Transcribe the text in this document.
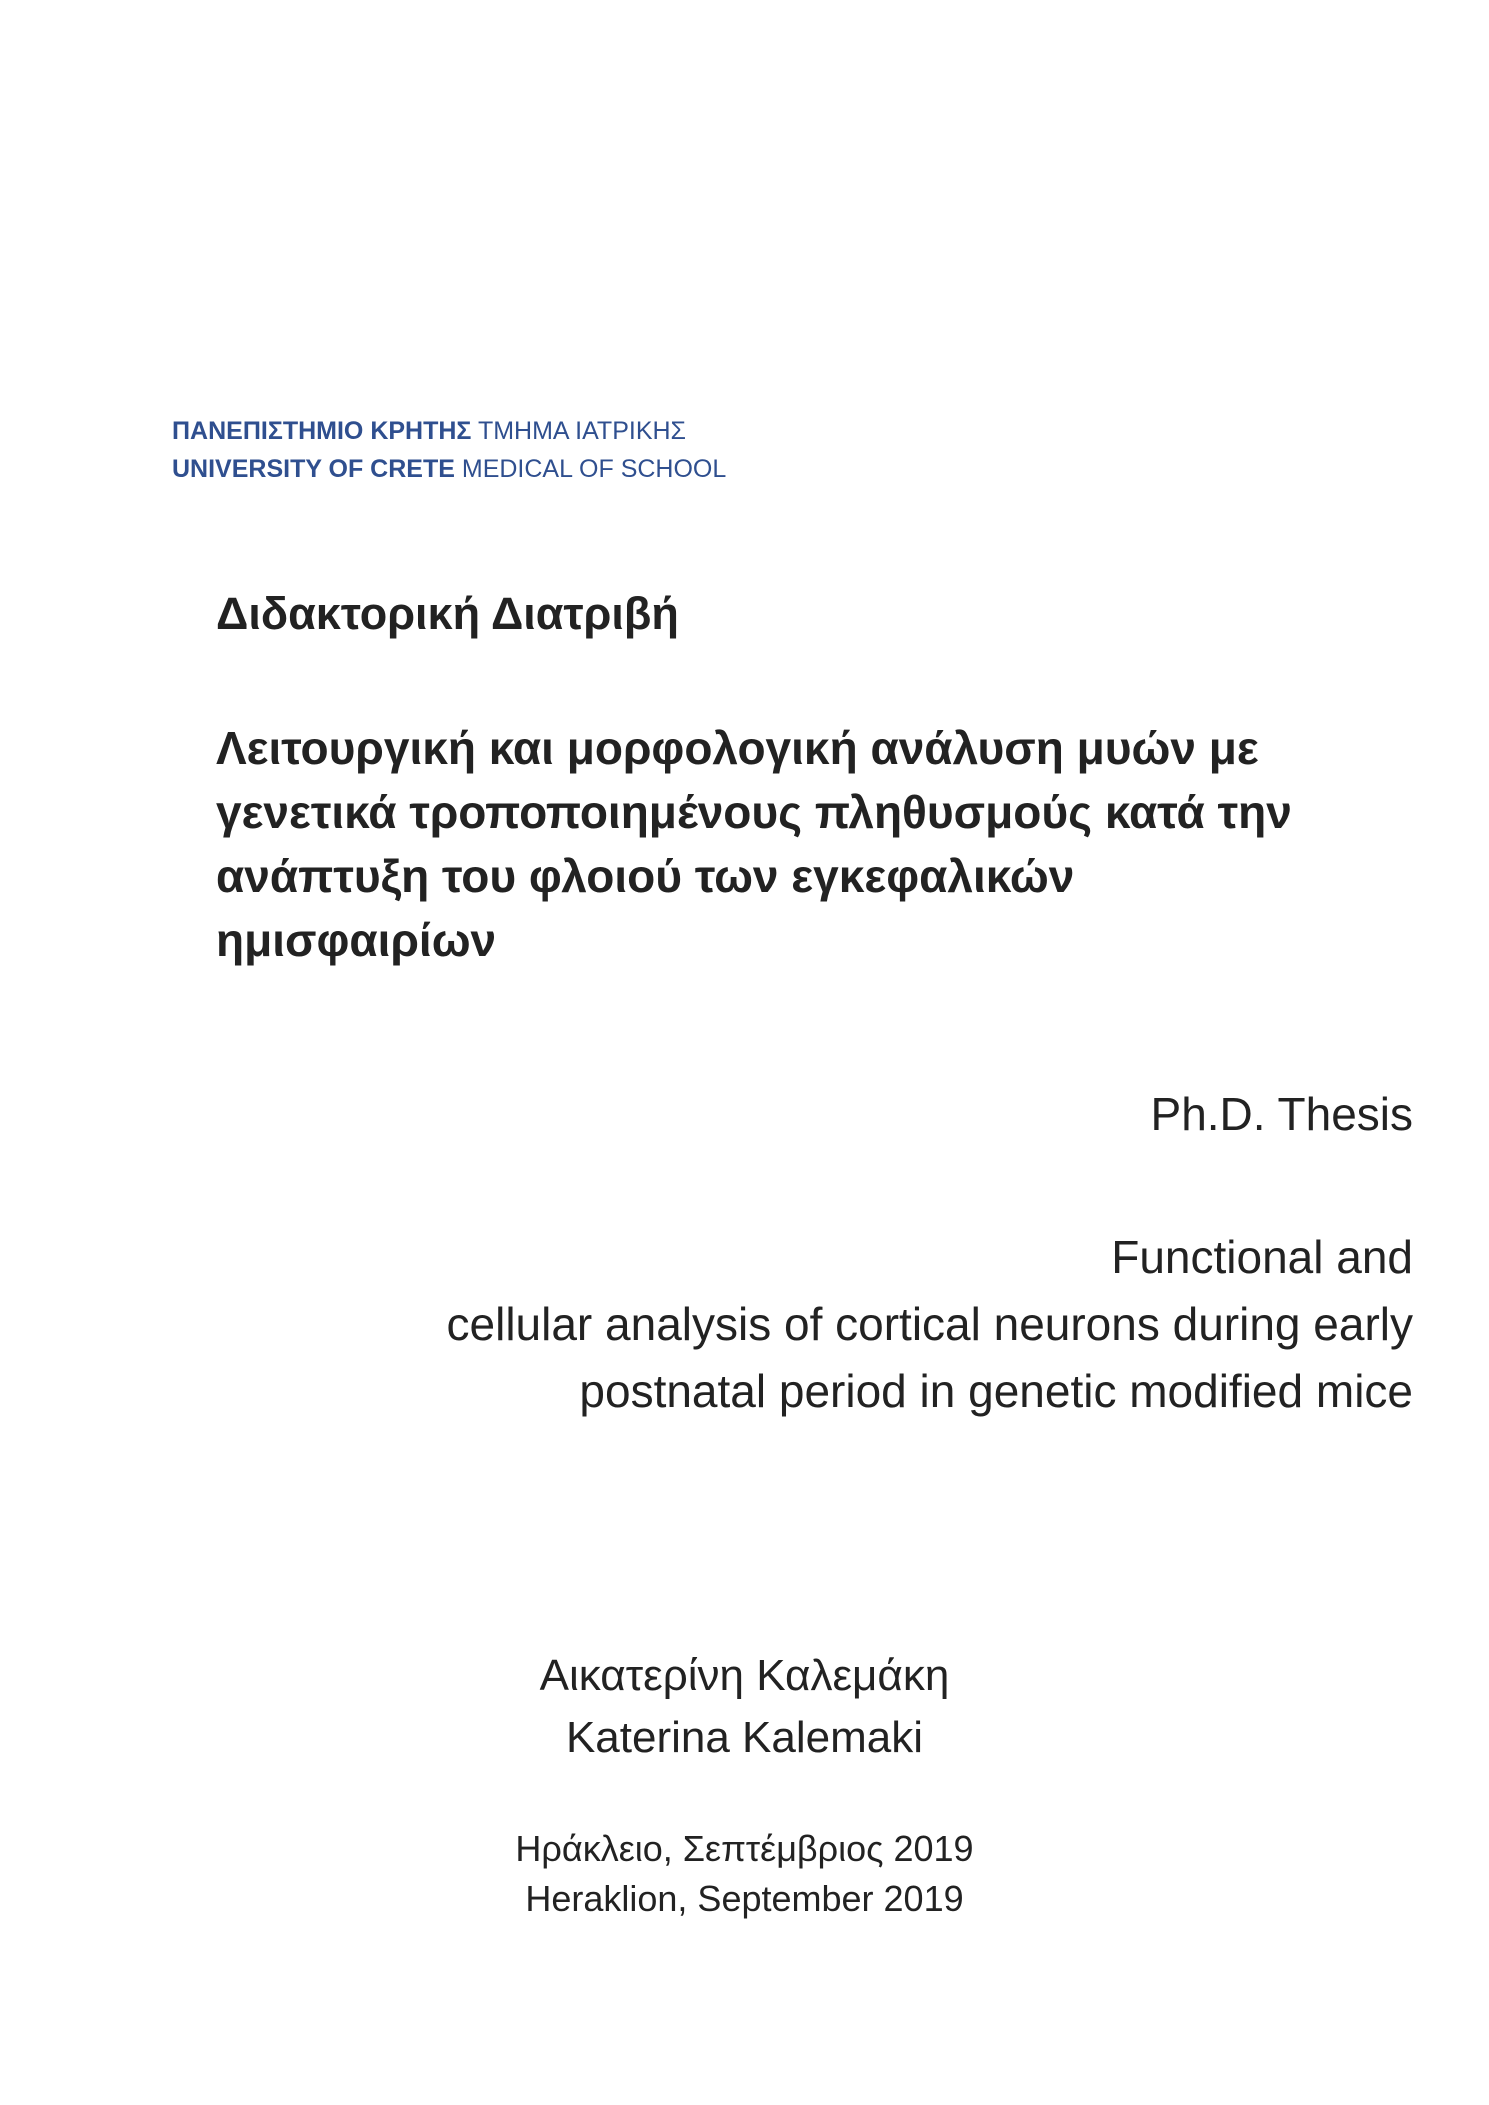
ΠΑΝΕΠΙΣΤΗΜΙΟ ΚΡΗΤΗΣ ΤΜΗΜΑ ΙΑΤΡΙΚΗΣ
UNIVERSITY OF CRETE MEDICAL OF SCHOOL
Διδακτορική Διατριβή
Λειτουργική και μορφολογική ανάλυση μυών με
γενετικά τροποποιημένους πληθυσμούς κατά την
ανάπτυξη του φλοιού των εγκεφαλικών
ημισφαιρίων
Ph.D. Thesis
Functional and
cellular analysis of cortical neurons during early
postnatal period in genetic modified mice
Αικατερίνη Καλεμάκη
Katerina Kalemaki
Ηράκλειο, Σεπτέμβριος 2019
Heraklion, September 2019
